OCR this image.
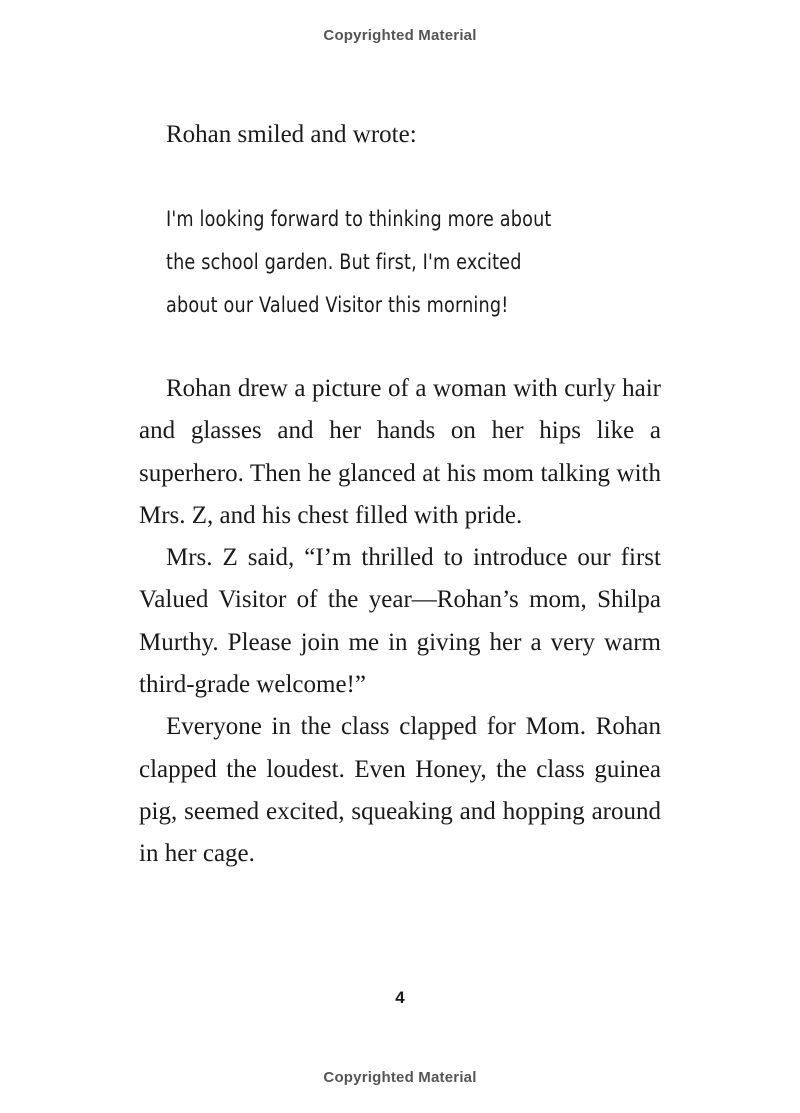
Copyrighted Material

Rohan smiled and wrote:

I'm looking forward to thinking more about
the school garden. But first, I'm excited
about our Valued Visitor this morning!

Rohan drew a picture of a woman with curly hair and glasses and her hands on her hips like a superhero. Then he glanced at his mom talking with Mrs. Z, and his chest filled with pride.

Mrs. Z said, “I’m thrilled to introduce our first Valued Visitor of the year—Rohan’s mom, Shilpa Murthy. Please join me in giving her a very warm third-grade welcome!”

Everyone in the class clapped for Mom. Rohan clapped the loudest. Even Honey, the class guinea pig, seemed excited, squeaking and hopping around in her cage.

4
Copyrighted Material
